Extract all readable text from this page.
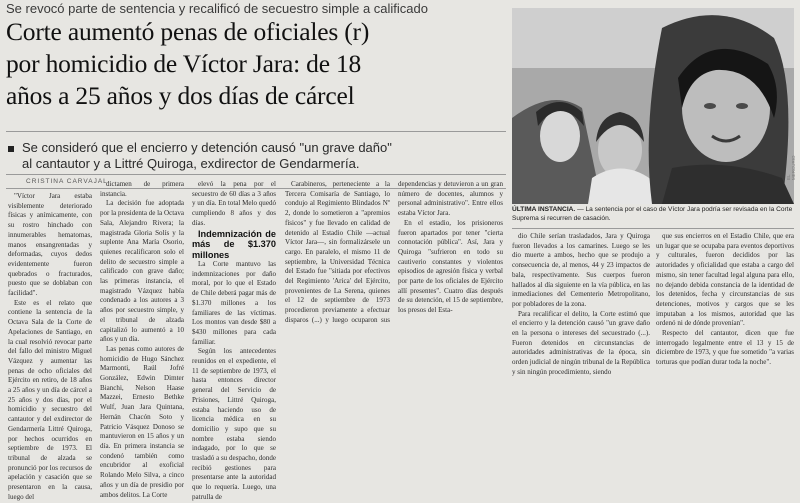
Se revocó parte de sentencia y recalificó de secuestro simple a calificado
Corte aumentó penas de oficiales (r)
por homicidio de Víctor Jara: de 18
años a 25 años y dos días de cárcel
Se consideró que el encierro y detención causó "un grave daño"
al cantautor y a Littré Quiroga, exdirector de Gendarmería.
CRISTINA CARVAJAL
EL MERCURIO
ÚLTIMA INSTANCIA. — La sentencia por el caso de Víctor Jara podría ser revisada en la Corte Suprema si recurren de casación.

"Víctor Jara estaba visiblemente deteriorado físicas y anímicamente, con su rostro hinchado con innumerables hematomas, manos ensangrentadas y deformadas, cuyos dedos evidentemente fueron quebrados o fracturados, puesto que se doblaban con facilidad".

Este es el relato que contiene la sentencia de la Octava Sala de la Corte de Apelaciones de Santiago, en la cual resolvió revocar parte del fallo del ministro Miguel Vázquez y aumentar las penas de ocho oficiales del Ejército en retiro, de 18 años a 25 años y un día de cárcel a 25 años y dos días, por el homicidio y secuestro del cantautor y del exdirector de Gendarmería Littré Quiroga, por hechos ocurridos en septiembre de 1973. El tribunal de alzada se pronunció por los recursos de apelación y casación que se presentaron en la causa, luego del

dictamen de primera instancia.

La decisión fue adoptada por la presidenta de la Octava Sala, Alejandro Rivera; la magistrada Gloria Solís y la suplente Ana María Osorio, quienes recalificaron solo el delito de secuestro simple a calificado con grave daño; las primeras instancia, el magistrado Vázquez había condenado a los autores a 3 años por secuestro simple, y el tribunal de alzada capitalizó lo aumentó a 10 años y un día.

Las penas como autores de homicidio de Hugo Sánchez Marmonti, Raúl Jofré González, Edwin Dimter Bianchi, Nelson Haase Mazzei, Ernesto Bethke Wulf, Juan Jara Quintana, Hernán Chacón Soto y Patricio Vásquez Donoso se mantuvieron en 15 años y un día. En primera instancia se condenó también como encubridor al exoficial Rolando Melo Silva, a cinco años y un día de presidio por ambos delitos. La Corte

elevó la pena por el secuestro de 60 días a 3 años y un día. En total Melo quedó cumpliendo 8 años y dos días.

Indemnización de más de $1.370 millones

La Corte mantuvo las indemnizaciones por daño moral, por lo que el Estado de Chile deberá pagar más de $1.370 millones a los familiares de las víctimas. Los montos van desde $80 a $430 millones para cada familiar.

Según los antecedentes reunidos en el expediente, el 11 de septiembre de 1973, el hasta entonces director general del Servicio de Prisiones, Littré Quiroga, estaba haciendo uso de licencia médica en su domicilio y supo que su nombre estaba siendo indagado, por lo que se trasladó a su despacho, donde recibió gestiones para presentarse ante la autoridad que lo requería. Luego, una patrulla de

Carabineros, perteneciente a la Tercera Comisaría de Santiago, lo condujo al Regimiento Blindados Nº 2, donde lo sometieron a "apremios físicos" y fue llevado en calidad de detenido al Estadio Chile —actual Víctor Jara—, sin formalizársele un cargo. En paralelo, el mismo 11 de septiembre, la Universidad Técnica del Estado fue "sitiada por efectivos del Regimiento 'Arica' del Ejército, provenientes de La Serena, quienes el 12 de septiembre de 1973 procedieron previamente a efectuar disparos (...) y luego ocuparon sus dependencias y detuvieron a un gran número de docentes, alumnos y personal administrativo". Entre ellos estaba Víctor Jara.

En el estadio, los prisioneros fueron apartados por tener "cierta connotación pública". Así, Jara y Quiroga "sufrieron en todo su cautiverio constantes y violentos episodios de agresión física y verbal por parte de los oficiales de Ejército allí presentes". Cuatro días después de su detención, el 15 de septiembre, los presos del Esta-

dio Chile serían trasladados, Jara y Quiroga fueron llevados a los camarines. Luego se les dio muerte a ambos, hecho que se produjo a consecuencia de, al menos, 44 y 23 impactos de bala, respectivamente. Sus cuerpos fueron hallados al día siguiente en la vía pública, en las inmediaciones del Cementerio Metropolitano, por pobladores de la zona.

Para recalificar el delito, la Corte estimó que el encierro y la detención causó "un grave daño en la persona o intereses del secuestrado (...). Fueron detenidos en circunstancias de autoridades administrativas de la época, sin orden judicial de ningún tribunal de la República y sin ningún procedimiento, siendo

que sus encierros en el Estadio Chile, que era un lugar que se ocupaba para eventos deportivos y culturales, fueron decididos por las autoridades y oficialidad que estaba a cargo del mismo, sin tener facultad legal alguna para ello, no dejando debida constancia de la identidad de los detenidos, fecha y circunstancias de sus detenciones, motivos y cargos que se les imputaban a los mismos, autoridad que las ordenó ni de dónde provenían".

Respecto del cantautor, dicen que fue interrogado legalmente entre el 13 y 15 de diciembre de 1973, y que fue sometido "a varias torturas que podían durar toda la noche".
